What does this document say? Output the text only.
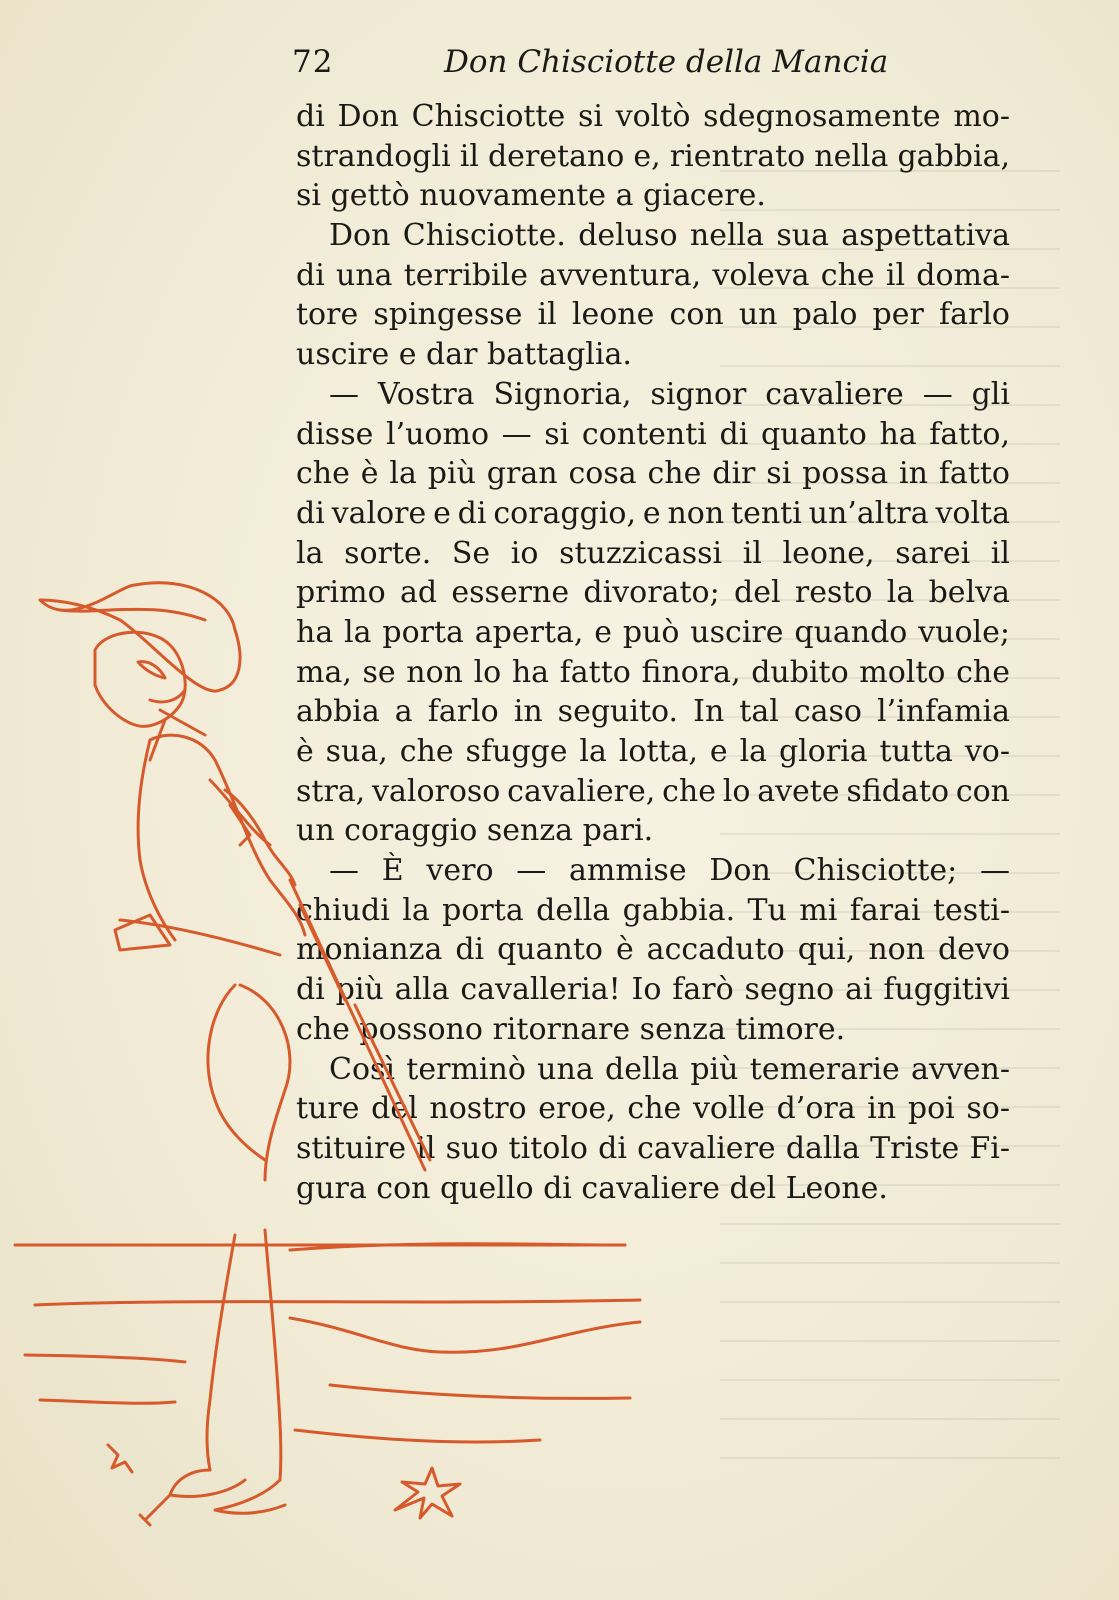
72	Don Chisciotte della Mancia
di Don Chisciotte si voltò sdegnosamente mo-
strandogli il deretano e, rientrato nella gabbia,
si gettò nuovamente a giacere.
Don Chisciotte. deluso nella sua aspettativa
di una terribile avventura, voleva che il doma-
tore spingesse il leone con un palo per farlo
uscire e dar battaglia.
— Vostra Signoria, signor cavaliere — gli
disse l’uomo — si contenti di quanto ha fatto,
che è la più gran cosa che dir si possa in fatto
di valore e di coraggio, e non tenti un’altra volta
la sorte. Se io stuzzicassi il leone, sarei il
primo ad esserne divorato; del resto la belva
ha la porta aperta, e può uscire quando vuole;
ma, se non lo ha fatto finora, dubito molto che
abbia a farlo in seguito. In tal caso l’infamia
è sua, che sfugge la lotta, e la gloria tutta vo-
stra, valoroso cavaliere, che lo avete sfidato con
un coraggio senza pari.
— È vero — ammise Don Chisciotte; —
chiudi la porta della gabbia. Tu mi farai testi-
monianza di quanto è accaduto qui, non devo
di più alla cavalleria! Io farò segno ai fuggitivi
che possono ritornare senza timore.
Così terminò una della più temerarie avven-
ture del nostro eroe, che volle d’ora in poi so-
stituire il suo titolo di cavaliere dalla Triste Fi-
gura con quello di cavaliere del Leone.
